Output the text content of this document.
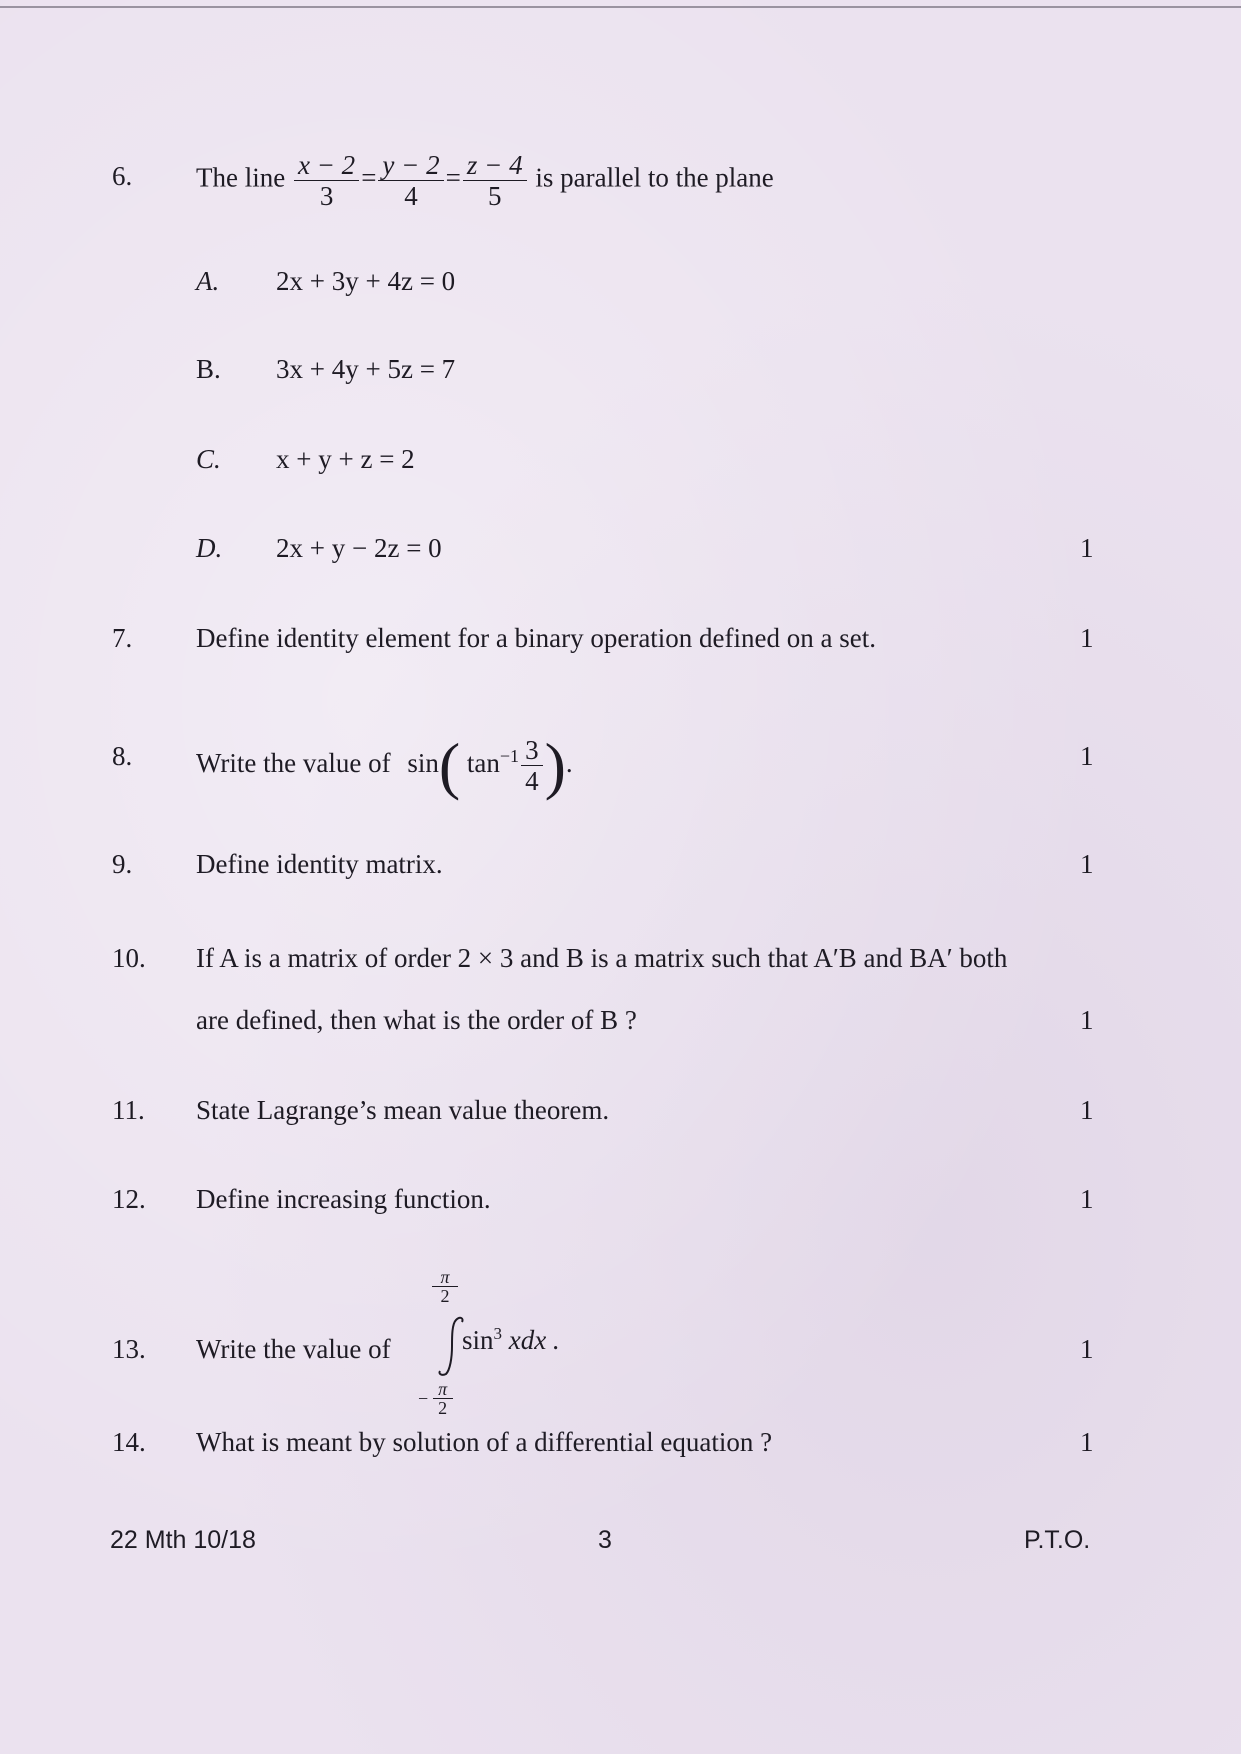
6. The line $\frac{x - 2}{3} = \frac{y - 2}{4} = \frac{z - 4}{5}$ is parallel to the plane
A. 2x + 3y + 4z = 0
B. 3x + 4y + 5z = 7
C. x + y + z = 2
D. 2x + y − 2z = 0	1
7. Define identity element for a binary operation defined on a set.	1
8. Write the value of sin( $\tan^{-1} \frac{3}{4}$ ).	1
9. Define identity matrix.	1
10. If A is a matrix of order 2 × 3 and B is a matrix such that A′B and BA′ both
are defined, then what is the order of B ?	1
11. State Lagrange’s mean value theorem.	1
12. Define increasing function.	1
13. Write the value of
$\frac{\pi}{2}$
− $\frac{\pi}{2}$
$\sin^3$ xdx .	1
14. What is meant by solution of a differential equation ?	1
22 Mth 10/18	3	P.T.O.
